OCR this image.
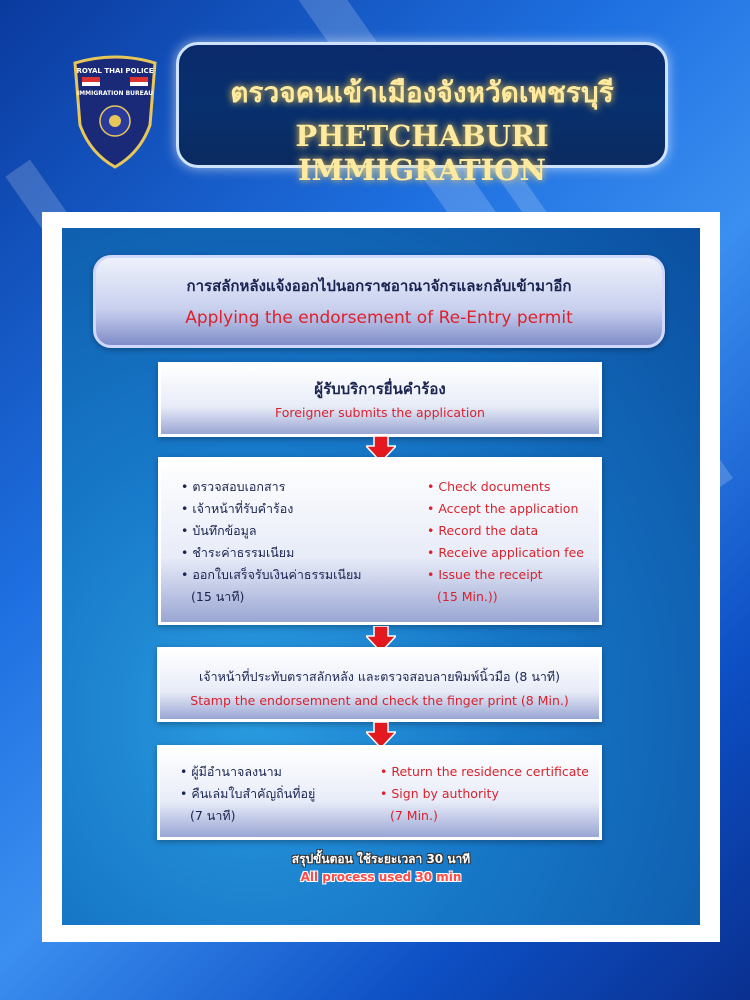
ROYAL THAI POLICE
IMMIGRATION BUREAU	ตรวจคนเข้าเมืองจังหวัดเพชรบุรี
PHETCHABURI IMMIGRATION
การสลักหลังแจ้งออกไปนอกราชอาณาจักรและกลับเข้ามาอีก
Applying the endorsement of Re-Entry permit
ผู้รับบริการยื่นคำร้อง
Foreigner submits the application
• ตรวจสอบเอกสาร
• เจ้าหน้าที่รับคำร้อง
• บันทึกข้อมูล
• ชำระค่าธรรมเนียม
• ออกใบเสร็จรับเงินค่าธรรมเนียม
(15 นาที)
• Check documents
• Accept the application
• Record the data
• Receive application fee
• Issue the receipt
(15 Min.))
เจ้าหน้าที่ประทับตราสลักหลัง และตรวจสอบลายพิมพ์นิ้วมือ (8 นาที)
Stamp the endorsemnent and check the finger print (8 Min.)
• ผู้มีอำนาจลงนาม
• คืนเล่มใบสำคัญถิ่นที่อยู่
(7 นาที)
• Return the residence certificate
• Sign by authority
(7 Min.)
สรุปขั้นตอน ใช้ระยะเวลา 30 นาที
All process used 30 min
